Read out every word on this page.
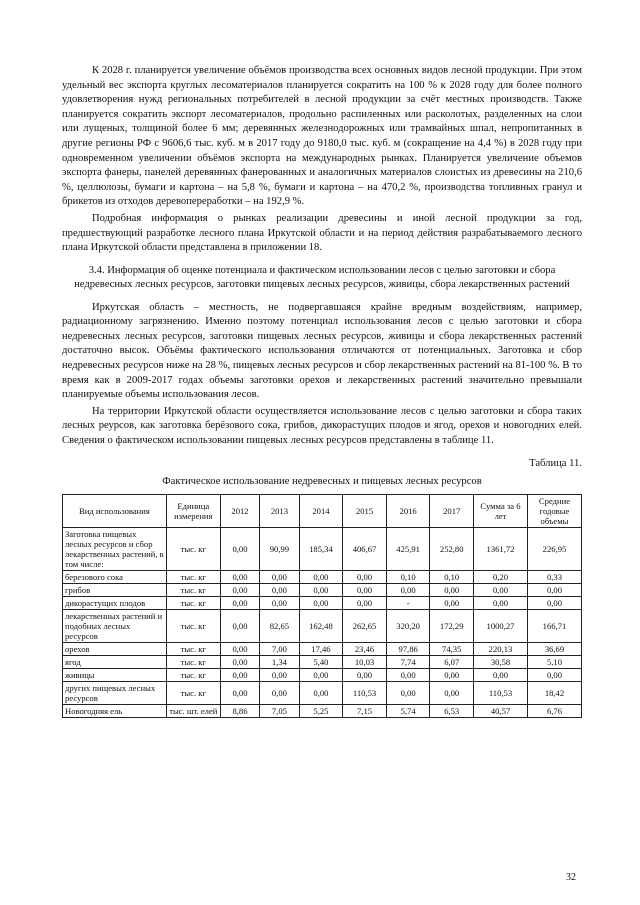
К 2028 г. планируется увеличение объёмов производства всех основных видов лесной продукции. При этом удельный вес экспорта круглых лесоматериалов планируется сократить на 100 % к 2028 году для более полного удовлетворения нужд региональных потребителей в лесной продукции за счёт местных производств. Также планируется сократить экспорт лесоматериалов, продольно распиленных или расколотых, разделенных на слои или лущеных, толщиной более 6 мм; деревянных железнодорожных или трамвайных шпал, непропитанных в другие регионы РФ с 9606,6 тыс. куб. м в 2017 году до 9180,0 тыс. куб. м (сокращение на 4,4 %) в 2028 году при одновременном увеличении объёмов экспорта на международных рынках. Планируется увеличение объемов экспорта фанеры, панелей деревянных фанерованных и аналогичных материалов слоистых из древесины на 210,6 %, целлюлозы, бумаги и картона – на 5,8 %, бумаги и картона – на 470,2 %, производства топливных гранул и брикетов из отходов деревопереработки – на 192,9 %.

Подробная информация о рынках реализации древесины и иной лесной продукции за год, предшествующий разработке лесного плана Иркутской области и на период действия разрабатываемого лесного плана Иркутской области представлена в приложении 18.

3.4. Информация об оценке потенциала и фактическом использовании лесов с целью заготовки и сбора недревесных лесных ресурсов, заготовки пищевых лесных ресурсов, живицы, сбора лекарственных растений

Иркутская область – местность, не подвергавшаяся крайне вредным воздействиям, например, радиационному загрязнению. Именно поэтому потенциал использования лесов с целью заготовки и сбора недревесных лесных ресурсов, заготовки пищевых лесных ресурсов, живицы и сбора лекарственных растений достаточно высок. Объёмы фактического использования отличаются от потенциальных. Заготовка и сбор недревесных ресурсов ниже на 28 %, пищевых лесных ресурсов и сбор лекарственных растений на 81-100 %. В то время как в 2009-2017 годах объемы заготовки орехов и лекарственных растений значительно превышали планируемые объемы использования лесов.

На территории Иркутской области осуществляется использование лесов с целью заготовки и сбора таких лесных реурсов, как заготовка берёзового сока, грибов, дикорастущих плодов и ягод, орехов и новогодних елей. Сведения о фактическом использовании пищевых лесных ресурсов представлены в таблице 11.

Таблица 11.
Фактическое использование недревесных и пищевых лесных ресурсов
Вид использования	Единица измерения	2012	2013	2014	2015	2016	2017	Сумма за 6 лет	Средние годовые объемы
Заготовка пищевых лесных ресурсов и сбор лекарственных растений, в том числе:	тыс. кг	0,00	90,99	185,34	406,67	425,91	252,80	1361,72	226,95
березового сока	тыс. кг	0,00	0,00	0,00	0,00	0,10	0,10	0,20	0,33
грибов	тыс. кг	0,00	0,00	0,00	0,00	0,00	0,00	0,00	0,00
дикорастущих плодов	тыс. кг	0,00	0,00	0,00	0,00	-	0,00	0,00	0,00
лекарственных растений и подобных лесных ресурсов	тыс. кг	0,00	82,65	162,48	262,65	320,20	172,29	1000,27	166,71
орехов	тыс. кг	0,00	7,00	17,46	23,46	97,86	74,35	220,13	36,69
ягод	тыс. кг	0,00	1,34	5,40	10,03	7,74	6,07	30,58	5,10
живицы	тыс. кг	0,00	0,00	0,00	0,00	0,00	0,00	0,00	0,00
других пищевых лесных ресурсов	тыс. кг	0,00	0,00	0,00	110,53	0,00	0,00	110,53	18,42
Новогодняя ель	тыс. шт. елей	8,86	7,05	5,25	7,15	5,74	6,53	40,57	6,76
32
